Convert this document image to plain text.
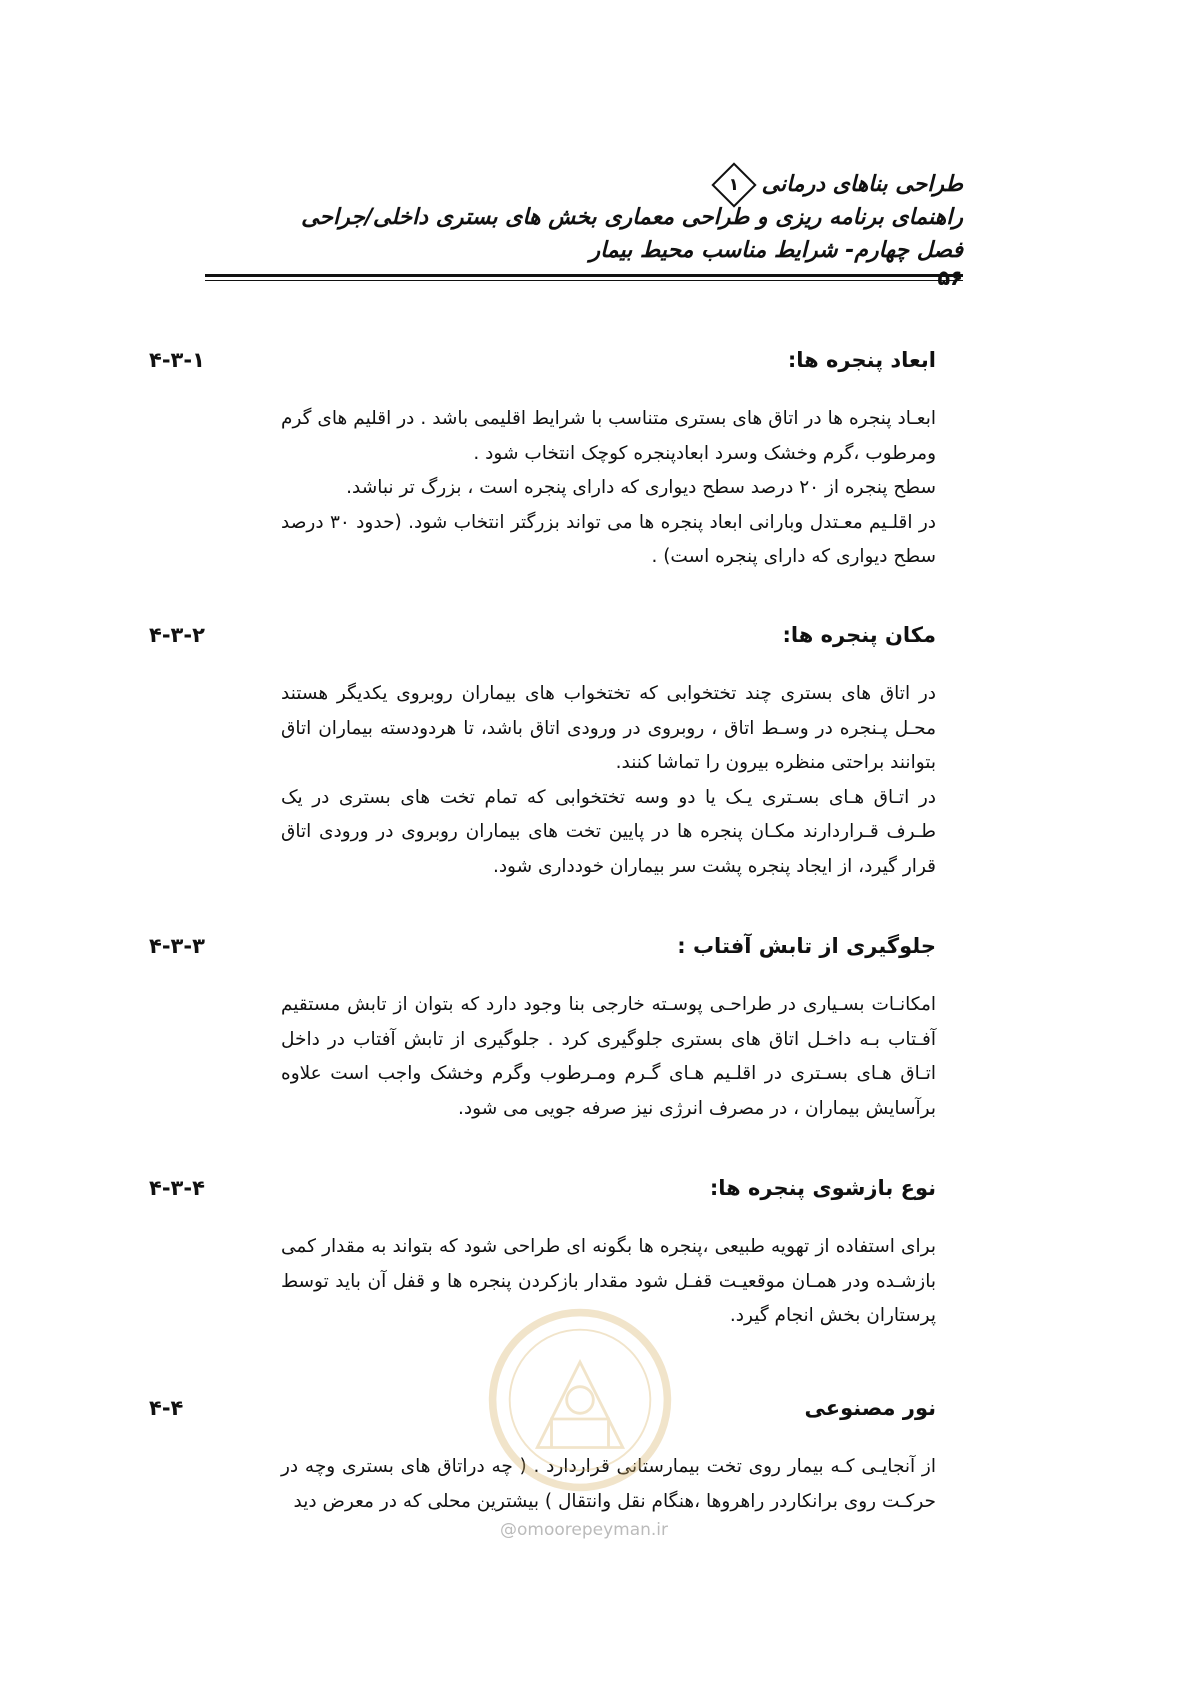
طراحی بناهای درمانی
۱
راهنمای برنامه ریزی و طراحی معماری بخش های بستری داخلی/جراحی
فصل چهارم- شرایط مناسب محیط بیمار
۵۶
ابعاد پنجره ها:
۴-۳-۱

ابعـاد پنجره ها در اتاق های بستری متناسب با شرایط اقلیمی باشد . در اقلیم های گرم ومرطوب ،گرم وخشک وسرد ابعادپنجره کوچک انتخاب شود .

سطح پنجره از ۲۰ درصد سطح دیواری که دارای پنجره است ، بزرگ تر نباشد.

در اقلـیم معـتدل وبارانی ابعاد پنجره ها می تواند بزرگتر انتخاب شود. (حدود ۳۰ درصد سطح دیواری که دارای پنجره است) .

مکان پنجره ها:
۴-۳-۲

در اتاق های بستری چند تختخوابی که تختخواب های بیماران روبروی یکدیگر هستند محـل پـنجره در وسـط اتاق ، روبروی در ورودی اتاق باشد، تا هردودسته بیماران اتاق بتوانند براحتی منظره بیرون را تماشا کنند.

در اتـاق هـای بسـتری یـک یا دو وسه تختخوابی که تمام تخت های بستری در یک طـرف قـراردارند مکـان پنجره ها در پایین تخت های بیماران روبروی در ورودی اتاق قرار گیرد، از ایجاد پنجره پشت سر بیماران خودداری شود.

جلوگیری از تابش آفتاب :
۴-۳-۳

امکانـات بسـیاری در طراحـی پوسـته خارجی بنا وجود دارد که بتوان از تابش مستقیم آفـتاب بـه داخـل اتاق های بستری جلوگیری کرد . جلوگیری از تابش آفتاب در داخل اتـاق هـای بسـتری در اقلـیم هـای گـرم ومـرطوب وگرم وخشک واجب است علاوه برآسایش بیماران ، در مصرف انرژی نیز صرفه جویی می شود.

نوع بازشوی پنجره ها:
۴-۳-۴

برای استفاده از تهویه طبیعی ،پنجره ها بگونه ای طراحی شود که بتواند به مقدار کمی بازشـده ودر همـان موقعیـت قفـل شود مقدار بازکردن پنجره ها و قفل آن باید توسط پرستاران بخش انجام گیرد.

نور مصنوعی
۴-۴

از آنجایـی کـه بیمار روی تخت بیمارستانی قراردارد . ( چه دراتاق های بستری وچه در حرکـت روی برانکاردر راهروها ،هنگام نقل وانتقال ) بیشترین محلی که در معرض دید

@omoorepeyman.ir
